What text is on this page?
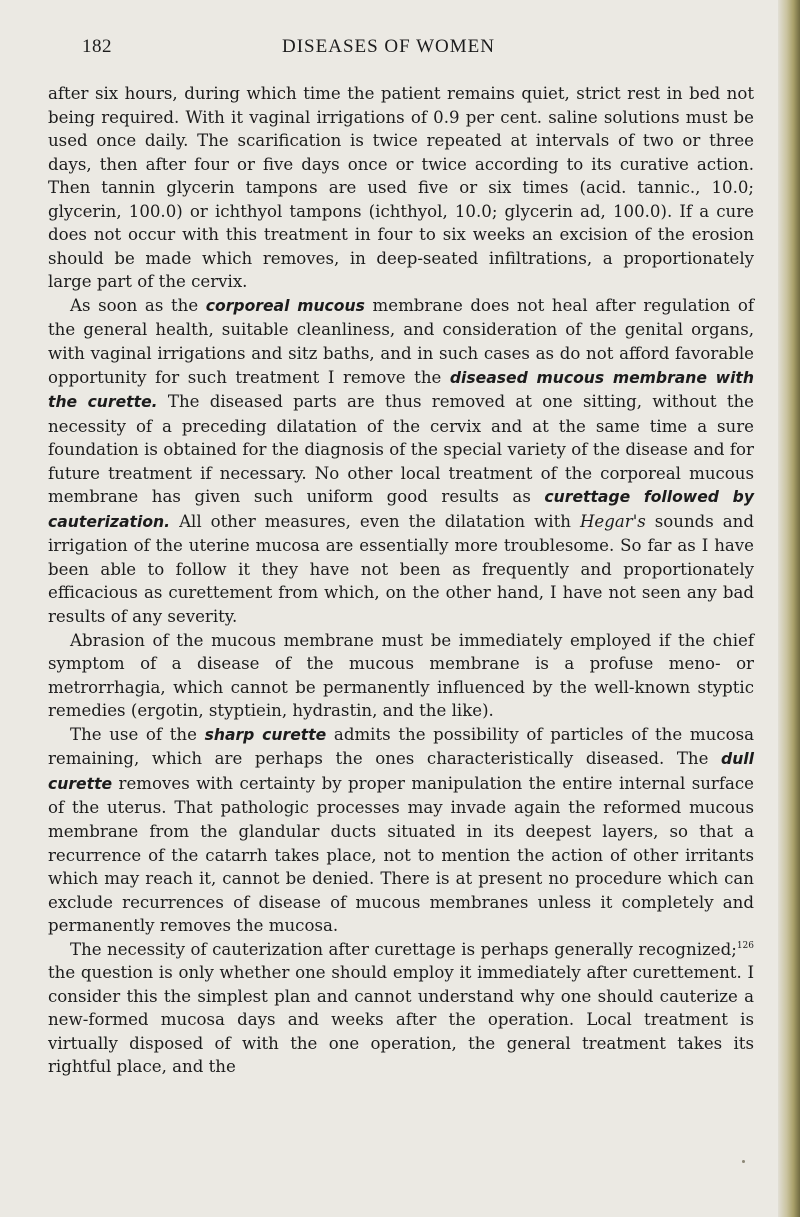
182	DISEASES OF WOMEN

after six hours, during which time the patient remains quiet, strict rest in bed not being required. With it vaginal irrigations of 0.9 per cent. saline solutions must be used once daily. The scarification is twice repeated at intervals of two or three days, then after four or five days once or twice according to its curative action. Then tannin glycerin tampons are used five or six times (acid. tannic., 10.0; glycerin, 100.0) or ichthyol tampons (ichthyol, 10.0; glycerin ad, 100.0). If a cure does not occur with this treatment in four to six weeks an excision of the erosion should be made which removes, in deep-seated infiltrations, a proportionately large part of the cervix.

As soon as the corporeal mucous membrane does not heal after regulation of the general health, suitable cleanliness, and consideration of the genital organs, with vaginal irrigations and sitz baths, and in such cases as do not afford favorable opportunity for such treatment I remove the diseased mucous membrane with the curette. The diseased parts are thus removed at one sitting, without the necessity of a preceding dilatation of the cervix and at the same time a sure foundation is obtained for the diagnosis of the special variety of the disease and for future treatment if necessary. No other local treatment of the corporeal mucous membrane has given such uniform good results as curettage followed by cauterization. All other measures, even the dilatation with Hegar's sounds and irrigation of the uterine mucosa are essentially more troublesome. So far as I have been able to follow it they have not been as frequently and proportionately efficacious as curettement from which, on the other hand, I have not seen any bad results of any severity.

Abrasion of the mucous membrane must be immediately employed if the chief symptom of a disease of the mucous membrane is a profuse meno- or metrorrhagia, which cannot be permanently influenced by the well-known styptic remedies (ergotin, styptiein, hydrastin, and the like).

The use of the sharp curette admits the possibility of particles of the mucosa remaining, which are perhaps the ones characteristically diseased. The dull curette removes with certainty by proper manipulation the entire internal surface of the uterus. That pathologic processes may invade again the reformed mucous membrane from the glandular ducts situated in its deepest layers, so that a recurrence of the catarrh takes place, not to mention the action of other irritants which may reach it, cannot be denied. There is at present no procedure which can exclude recurrences of disease of mucous membranes unless it completely and permanently removes the mucosa.

The necessity of cauterization after curettage is perhaps generally recognized;$^{126}$ the question is only whether one should employ it immediately after curettement. I consider this the simplest plan and cannot understand why one should cauterize a new-formed mucosa days and weeks after the operation. Local treatment is virtually disposed of with the one operation, the general treatment takes its rightful place, and the
